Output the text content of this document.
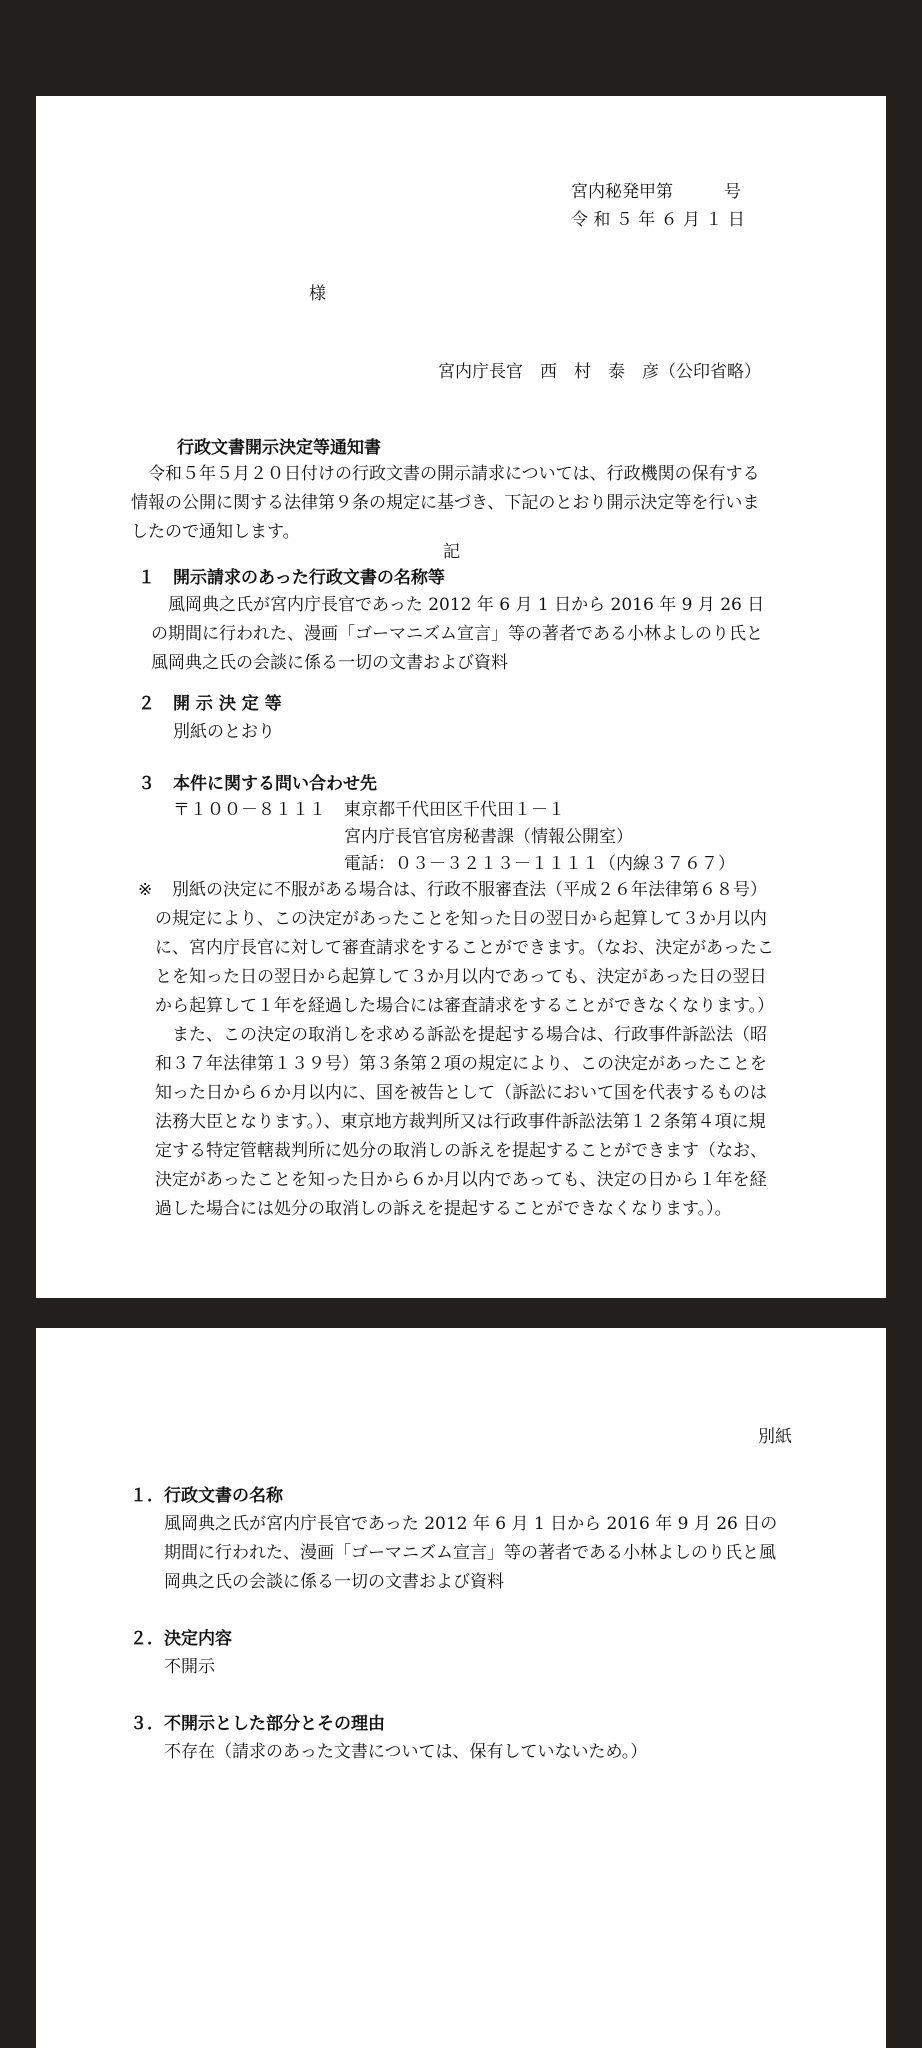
宮内秘発甲第　　　号
令 和 ５ 年 ６ 月 １ 日
様
宮内庁長官　西　村　泰　彦（公印省略）
行政文書開示決定等通知書
令和５年５月２０日付けの行政文書の開示請求については、行政機関の保有する情報の公開に関する法律第９条の規定に基づき、下記のとおり開示決定等を行いましたので通知します。
記
１ 開示請求のあった行政文書の名称等
風岡典之氏が宮内庁長官であった 2012 年 6 月 1 日から 2016 年 9 月 26 日の期間に行われた、漫画「ゴーマニズム宣言」等の著者である小林よしのり氏と風岡典之氏の会談に係る一切の文書および資料
２ 開 示 決 定 等
別紙のとおり
３ 本件に関する問い合わせ先
〒１００－８１１１ 東京都千代田区千代田１－１
宮内庁長官官房秘書課（情報公開室）
電話：０３－３２１３－１１１１（内線３７６７）
※	別紙の決定に不服がある場合は、行政不服審査法（平成２６年法律第６８号）の規定により、この決定があったことを知った日の翌日から起算して３か月以内に、宮内庁長官に対して審査請求をすることができます。（なお、決定があったことを知った日の翌日から起算して３か月以内であっても、決定があった日の翌日から起算して１年を経過した場合には審査請求をすることができなくなります。）
また、この決定の取消しを求める訴訟を提起する場合は、行政事件訴訟法（昭和３７年法律第１３９号）第３条第２項の規定により、この決定があったことを知った日から６か月以内に、国を被告として（訴訟において国を代表するものは法務大臣となります。）、東京地方裁判所又は行政事件訴訟法第１２条第４項に規定する特定管轄裁判所に処分の取消しの訴えを提起することができます（なお、決定があったことを知った日から６か月以内であっても、決定の日から１年を経過した場合には処分の取消しの訴えを提起することができなくなります。）。
別紙
１． 行政文書の名称
風岡典之氏が宮内庁長官であった 2012 年 6 月 1 日から 2016 年 9 月 26 日の期間に行われた、漫画「ゴーマニズム宣言」等の著者である小林よしのり氏と風岡典之氏の会談に係る一切の文書および資料
２． 決定内容
不開示
３． 不開示とした部分とその理由
不存在（請求のあった文書については、保有していないため。）
